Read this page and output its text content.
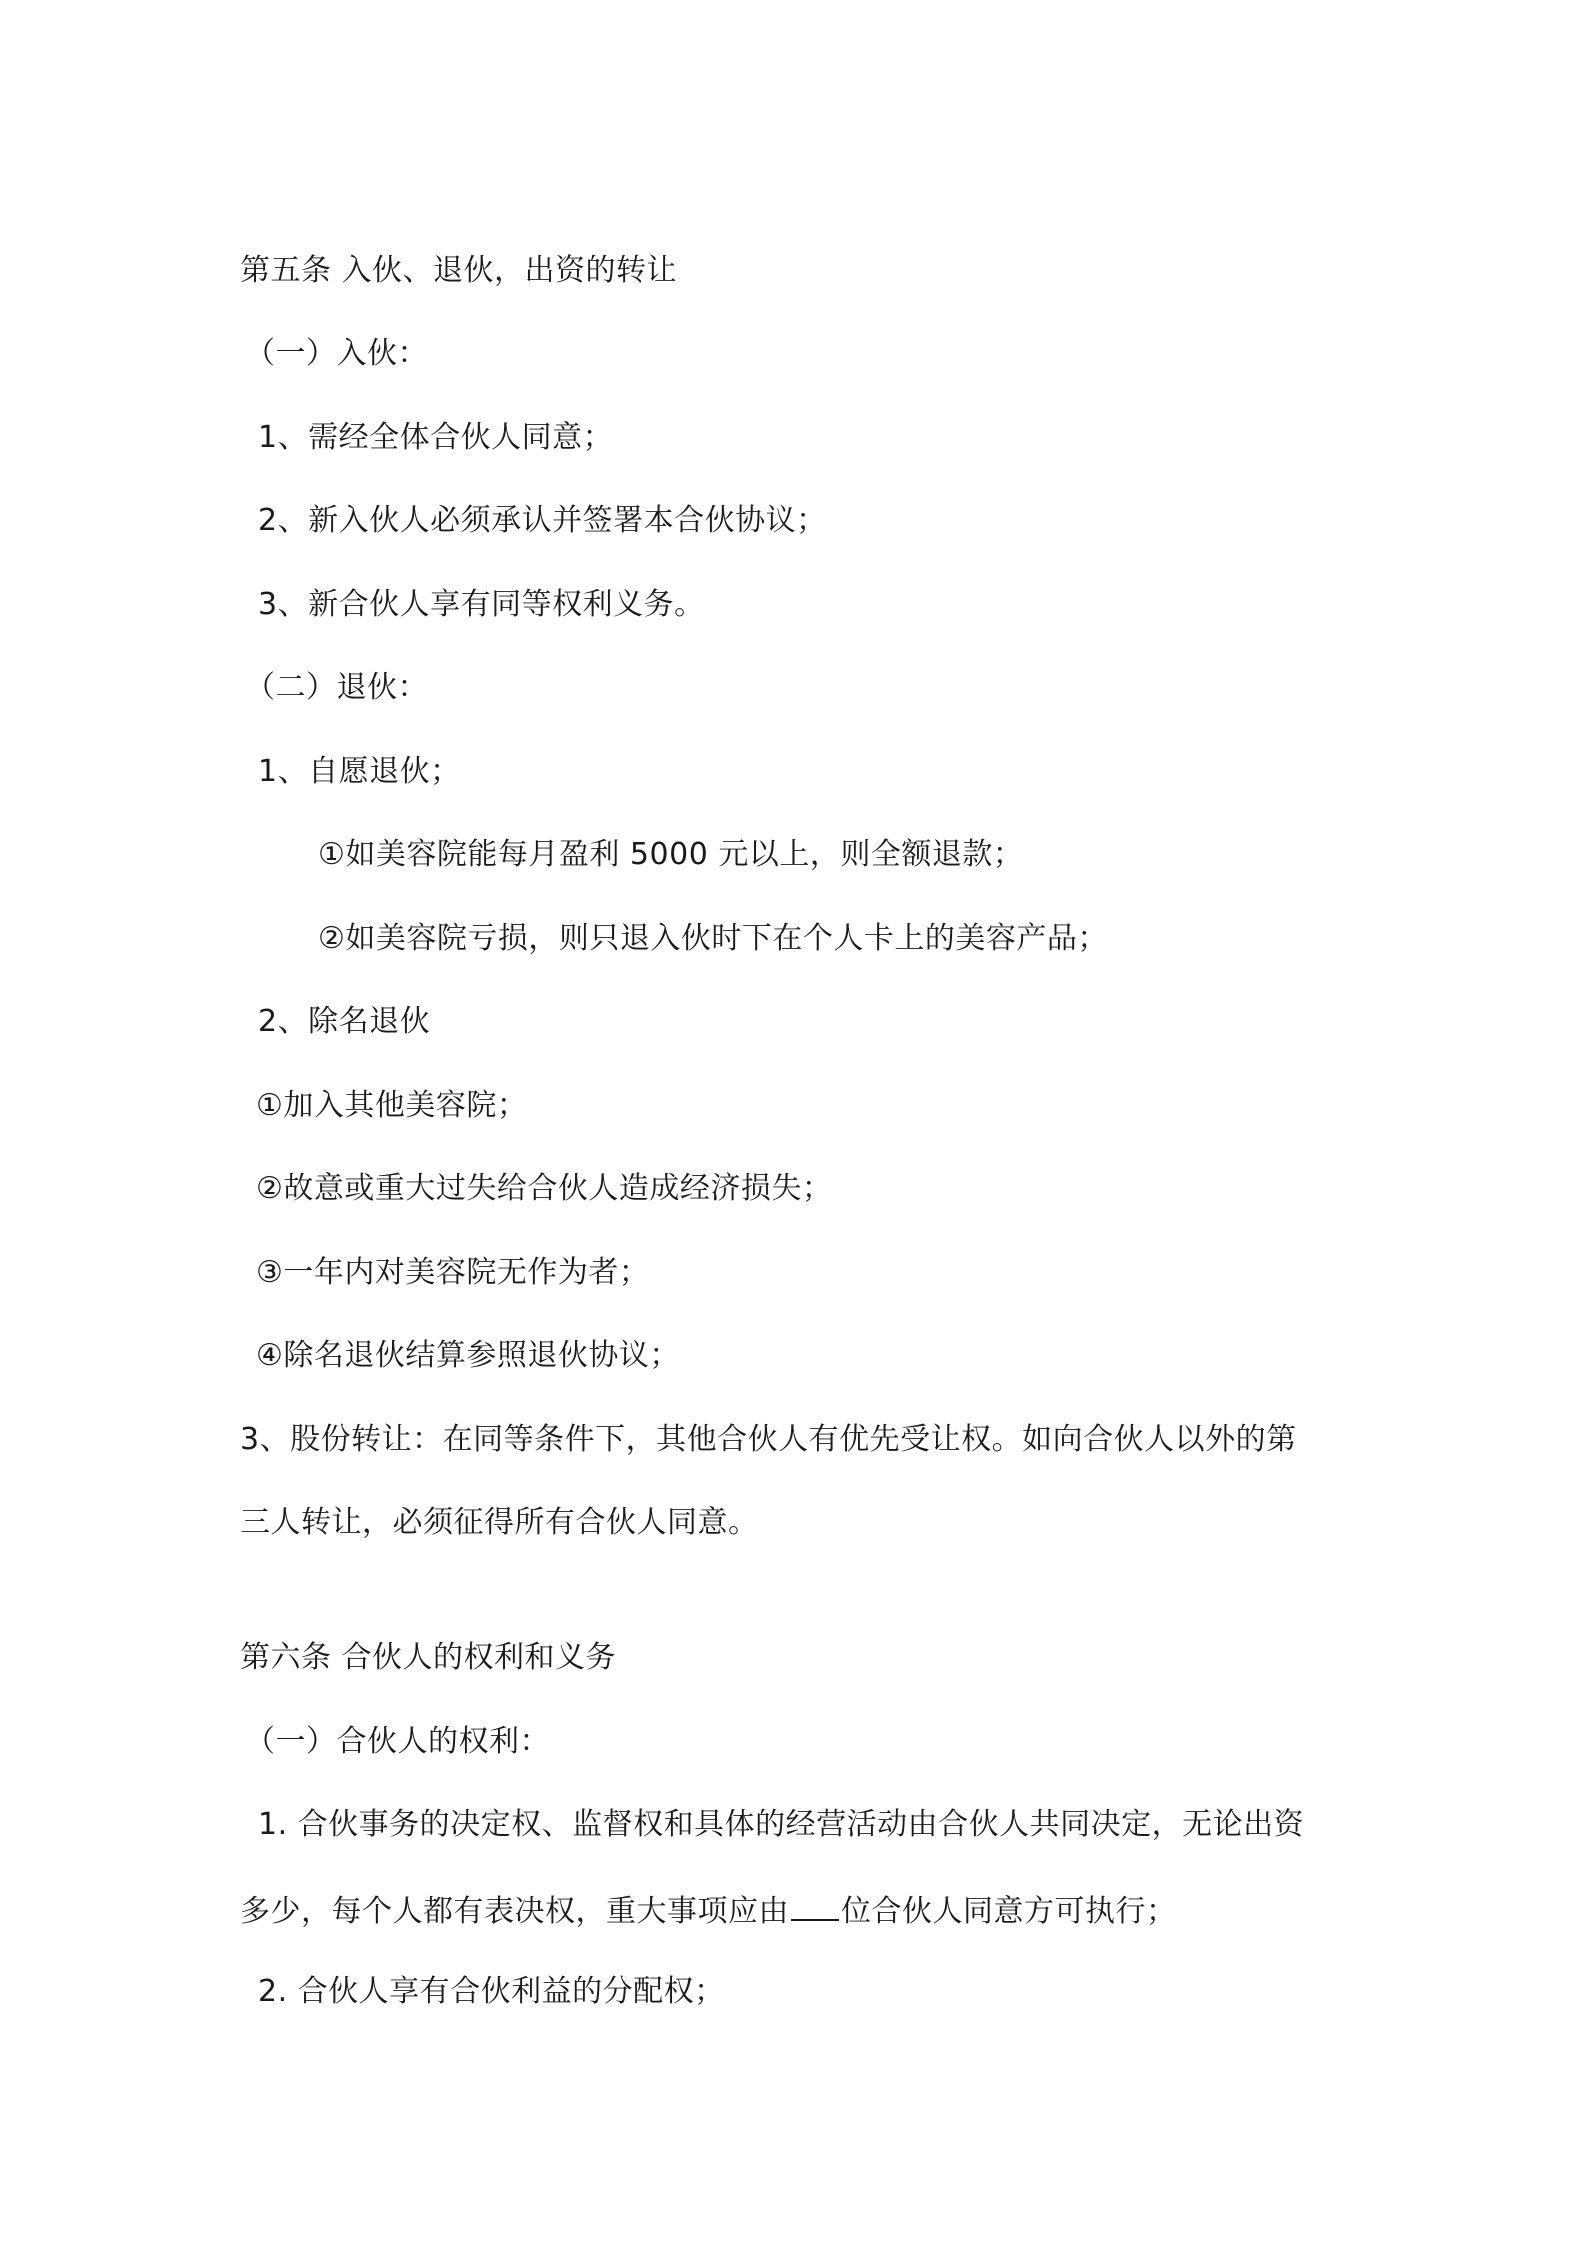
第五条 入伙、退伙，出资的转让
（一）入伙：
1、需经全体合伙人同意；
2、新入伙人必须承认并签署本合伙协议；
3、新合伙人享有同等权利义务。
（二）退伙：
1、自愿退伙；
①如美容院能每月盈利 5000 元以上，则全额退款；
②如美容院亏损，则只退入伙时下在个人卡上的美容产品；
2、除名退伙
①加入其他美容院；
②故意或重大过失给合伙人造成经济损失；
③一年内对美容院无作为者；
④除名退伙结算参照退伙协议；
3、股份转让：在同等条件下，其他合伙人有优先受让权。如向合伙人以外的第
三人转让，必须征得所有合伙人同意。
第六条 合伙人的权利和义务
（一）合伙人的权利：
1. 合伙事务的决定权、监督权和具体的经营活动由合伙人共同决定，无论出资
多少，每个人都有表决权，重大事项应由 位合伙人同意方可执行；
2. 合伙人享有合伙利益的分配权；
